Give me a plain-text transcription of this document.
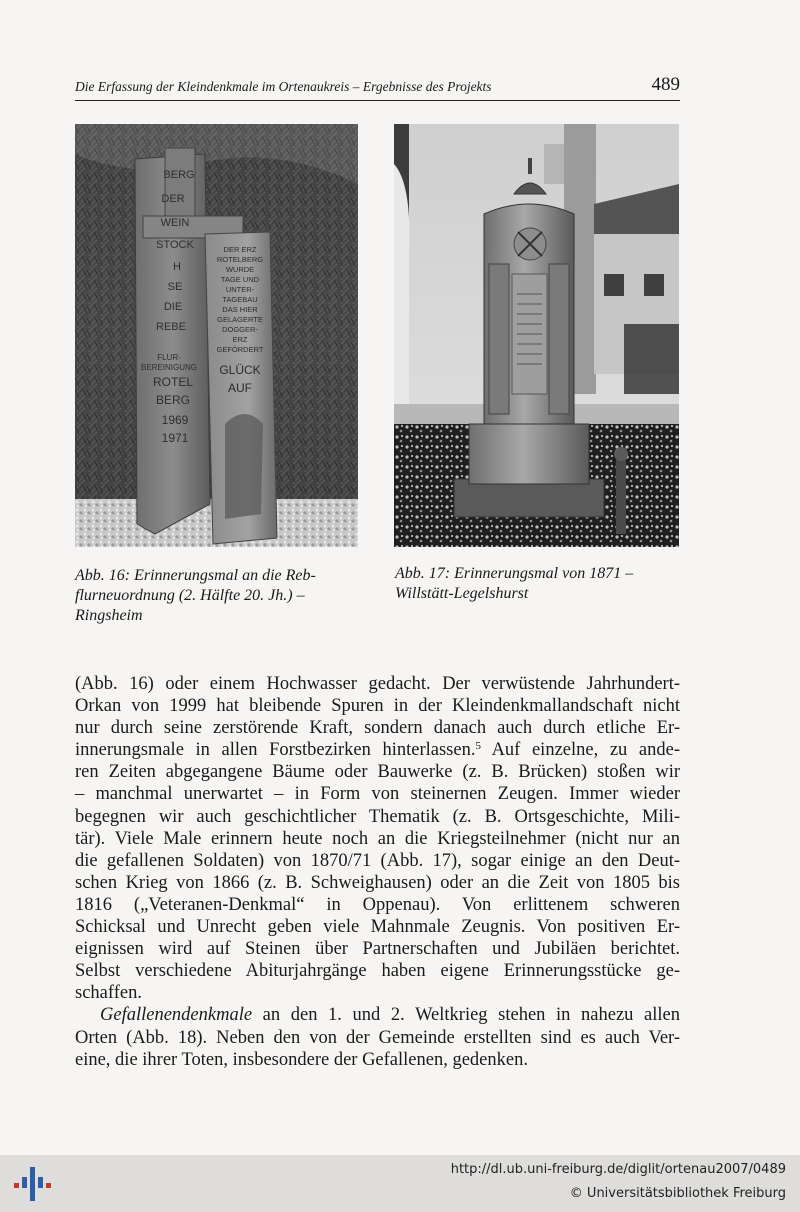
Die Erfassung der Kleindenkmale im Ortenaukreis – Ergebnisse des Projekts	489
BERG
DER
WEIN
STOCK
H
SE
DIE
REBE
FLUR-
BEREINIGUNG
ROTEL
BERG
1969
1971
DER ERZ
ROTELBERG
WURDE
TAGE UND
UNTER-
TAGEBAU
DAS HIER
GELAGERTE
DOGGER-
ERZ
GEFÖRDERT
GLÜCK
AUF
Abb. 16: Erinnerungsmal an die Reb-
flurneuordnung (2. Hälfte 20. Jh.) –
Ringsheim
Abb. 17: Erinnerungsmal von 1871 –
Willstätt-Legelshurst

(Abb. 16) oder einem Hochwasser gedacht. Der verwüstende Jahrhundert-
Orkan von 1999 hat bleibende Spuren in der Kleindenkmallandschaft nicht
nur durch seine zerstörende Kraft, sondern danach auch durch etliche Er-
innerungsmale in allen Forstbezirken hinterlassen.$^5$ Auf einzelne, zu ande-
ren Zeiten abgegangene Bäume oder Bauwerke (z. B. Brücken) stoßen wir
– manchmal unerwartet – in Form von steinernen Zeugen. Immer wieder
begegnen wir auch geschichtlicher Thematik (z. B. Ortsgeschichte, Mili-
tär). Viele Male erinnern heute noch an die Kriegsteilnehmer (nicht nur an
die gefallenen Soldaten) von 1870/71 (Abb. 17), sogar einige an den Deut-
schen Krieg von 1866 (z. B. Schweighausen) oder an die Zeit von 1805 bis
1816 („Veteranen-Denkmal“ in Oppenau). Von erlittenem schweren
Schicksal und Unrecht geben viele Mahnmale Zeugnis. Von positiven Er-
eignissen wird auf Steinen über Partnerschaften und Jubiläen berichtet.
Selbst verschiedene Abiturjahrgänge haben eigene Erinnerungsstücke ge-
schaffen.

Gefallenendenkmale an den 1. und 2. Weltkrieg stehen in nahezu allen
Orten (Abb. 18). Neben den von der Gemeinde erstellten sind es auch Ver-
eine, die ihrer Toten, insbesondere der Gefallenen, gedenken.

http://dl.ub.uni-freiburg.de/diglit/ortenau2007/0489
© Universitätsbibliothek Freiburg
